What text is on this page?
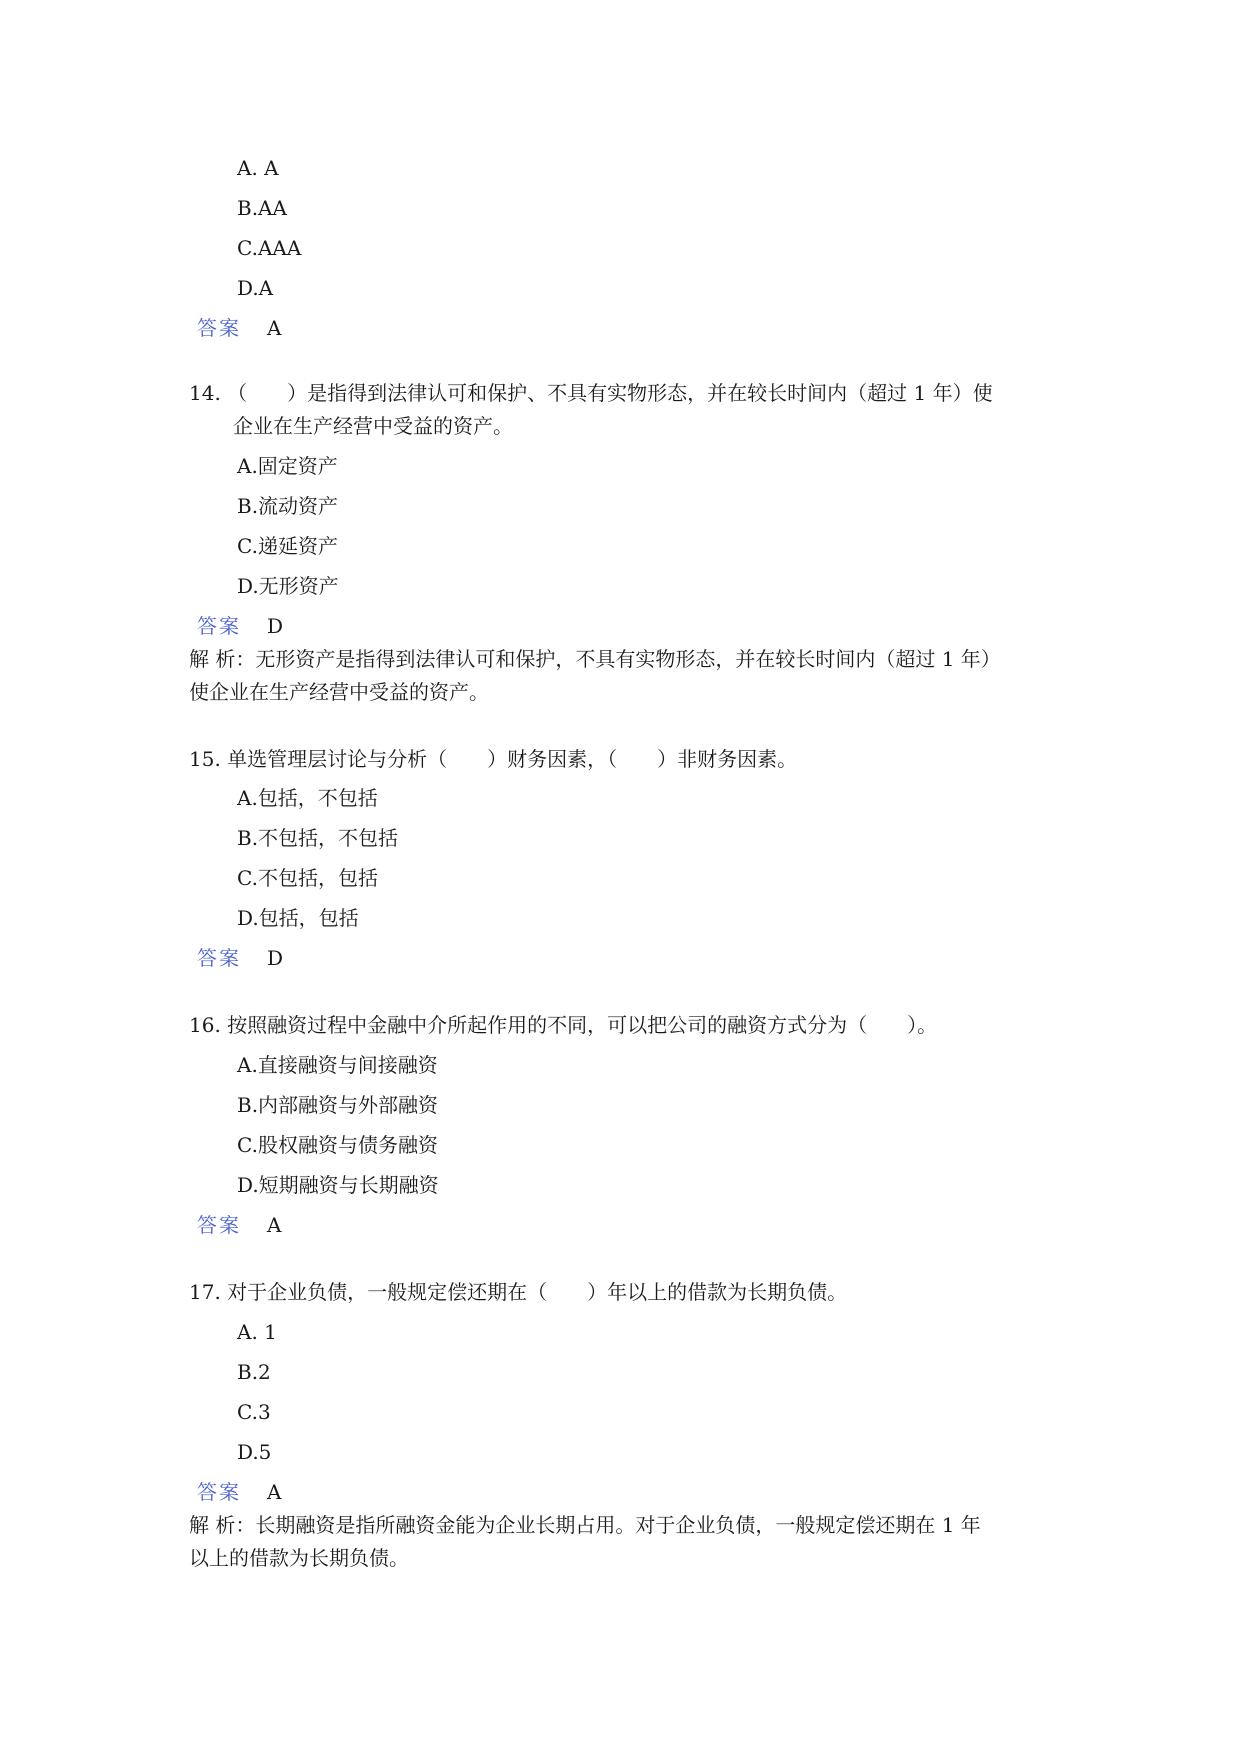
A. A
B.AA
C.AAA
D.A
答案 A
14. （　　）是指得到法律认可和保护、不具有实物形态，并在较长时间内（超过 1 年）使
企业在生产经营中受益的资产。
A.固定资产
B.流动资产
C.递延资产
D.无形资产
答案 D
解 析：无形资产是指得到法律认可和保护，不具有实物形态，并在较长时间内（超过 1 年）
使企业在生产经营中受益的资产。
15. 单选管理层讨论与分析（　　）财务因素，（　　）非财务因素。
A.包括，不包括
B.不包括，不包括
C.不包括，包括
D.包括，包括
答案 D
16. 按照融资过程中金融中介所起作用的不同，可以把公司的融资方式分为（　　）。
A.直接融资与间接融资
B.内部融资与外部融资
C.股权融资与债务融资
D.短期融资与长期融资
答案 A
17. 对于企业负债，一般规定偿还期在（　　）年以上的借款为长期负债。
A. 1
B.2
C.3
D.5
答案 A
解 析：长期融资是指所融资金能为企业长期占用。对于企业负债，一般规定偿还期在 1 年
以上的借款为长期负债。
